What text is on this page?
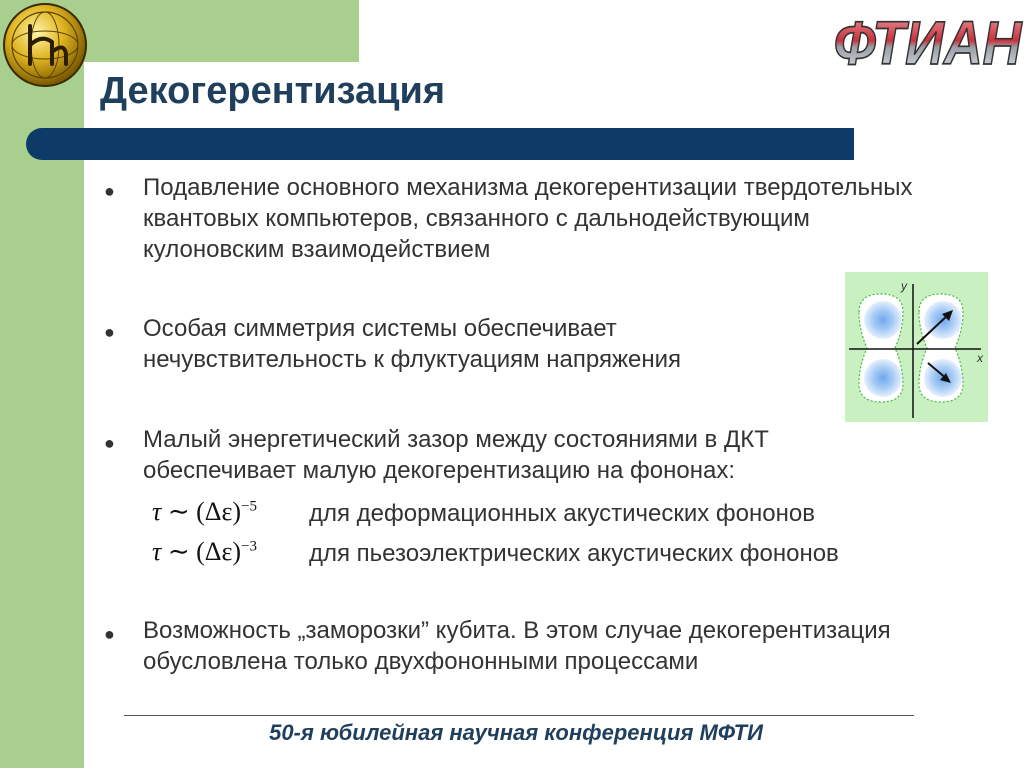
ФТИАН
Декогерентизация
● Подавление основного механизма декогерентизации твердотельных квантовых компьютеров, связанного с дальнодействующим кулоновским взаимодействием
● Особая симметрия системы обеспечивает нечувствительность к флуктуациям напряжения
● Малый энергетический зазор между состояниями в ДКТ обеспечивает малую декогерентизацию на фононах:
τ ∼ $(\Delta\varepsilon)^{-5}$ для деформационных акустических фононов
τ ∼ $(\Delta\varepsilon)^{-3}$ для пьезоэлектрических акустических фононов
● Возможность „заморозки” кубита. В этом случае декогерентизация обусловлена только двухфононными процессами
x
y
50-я юбилейная научная конференция МФТИ
